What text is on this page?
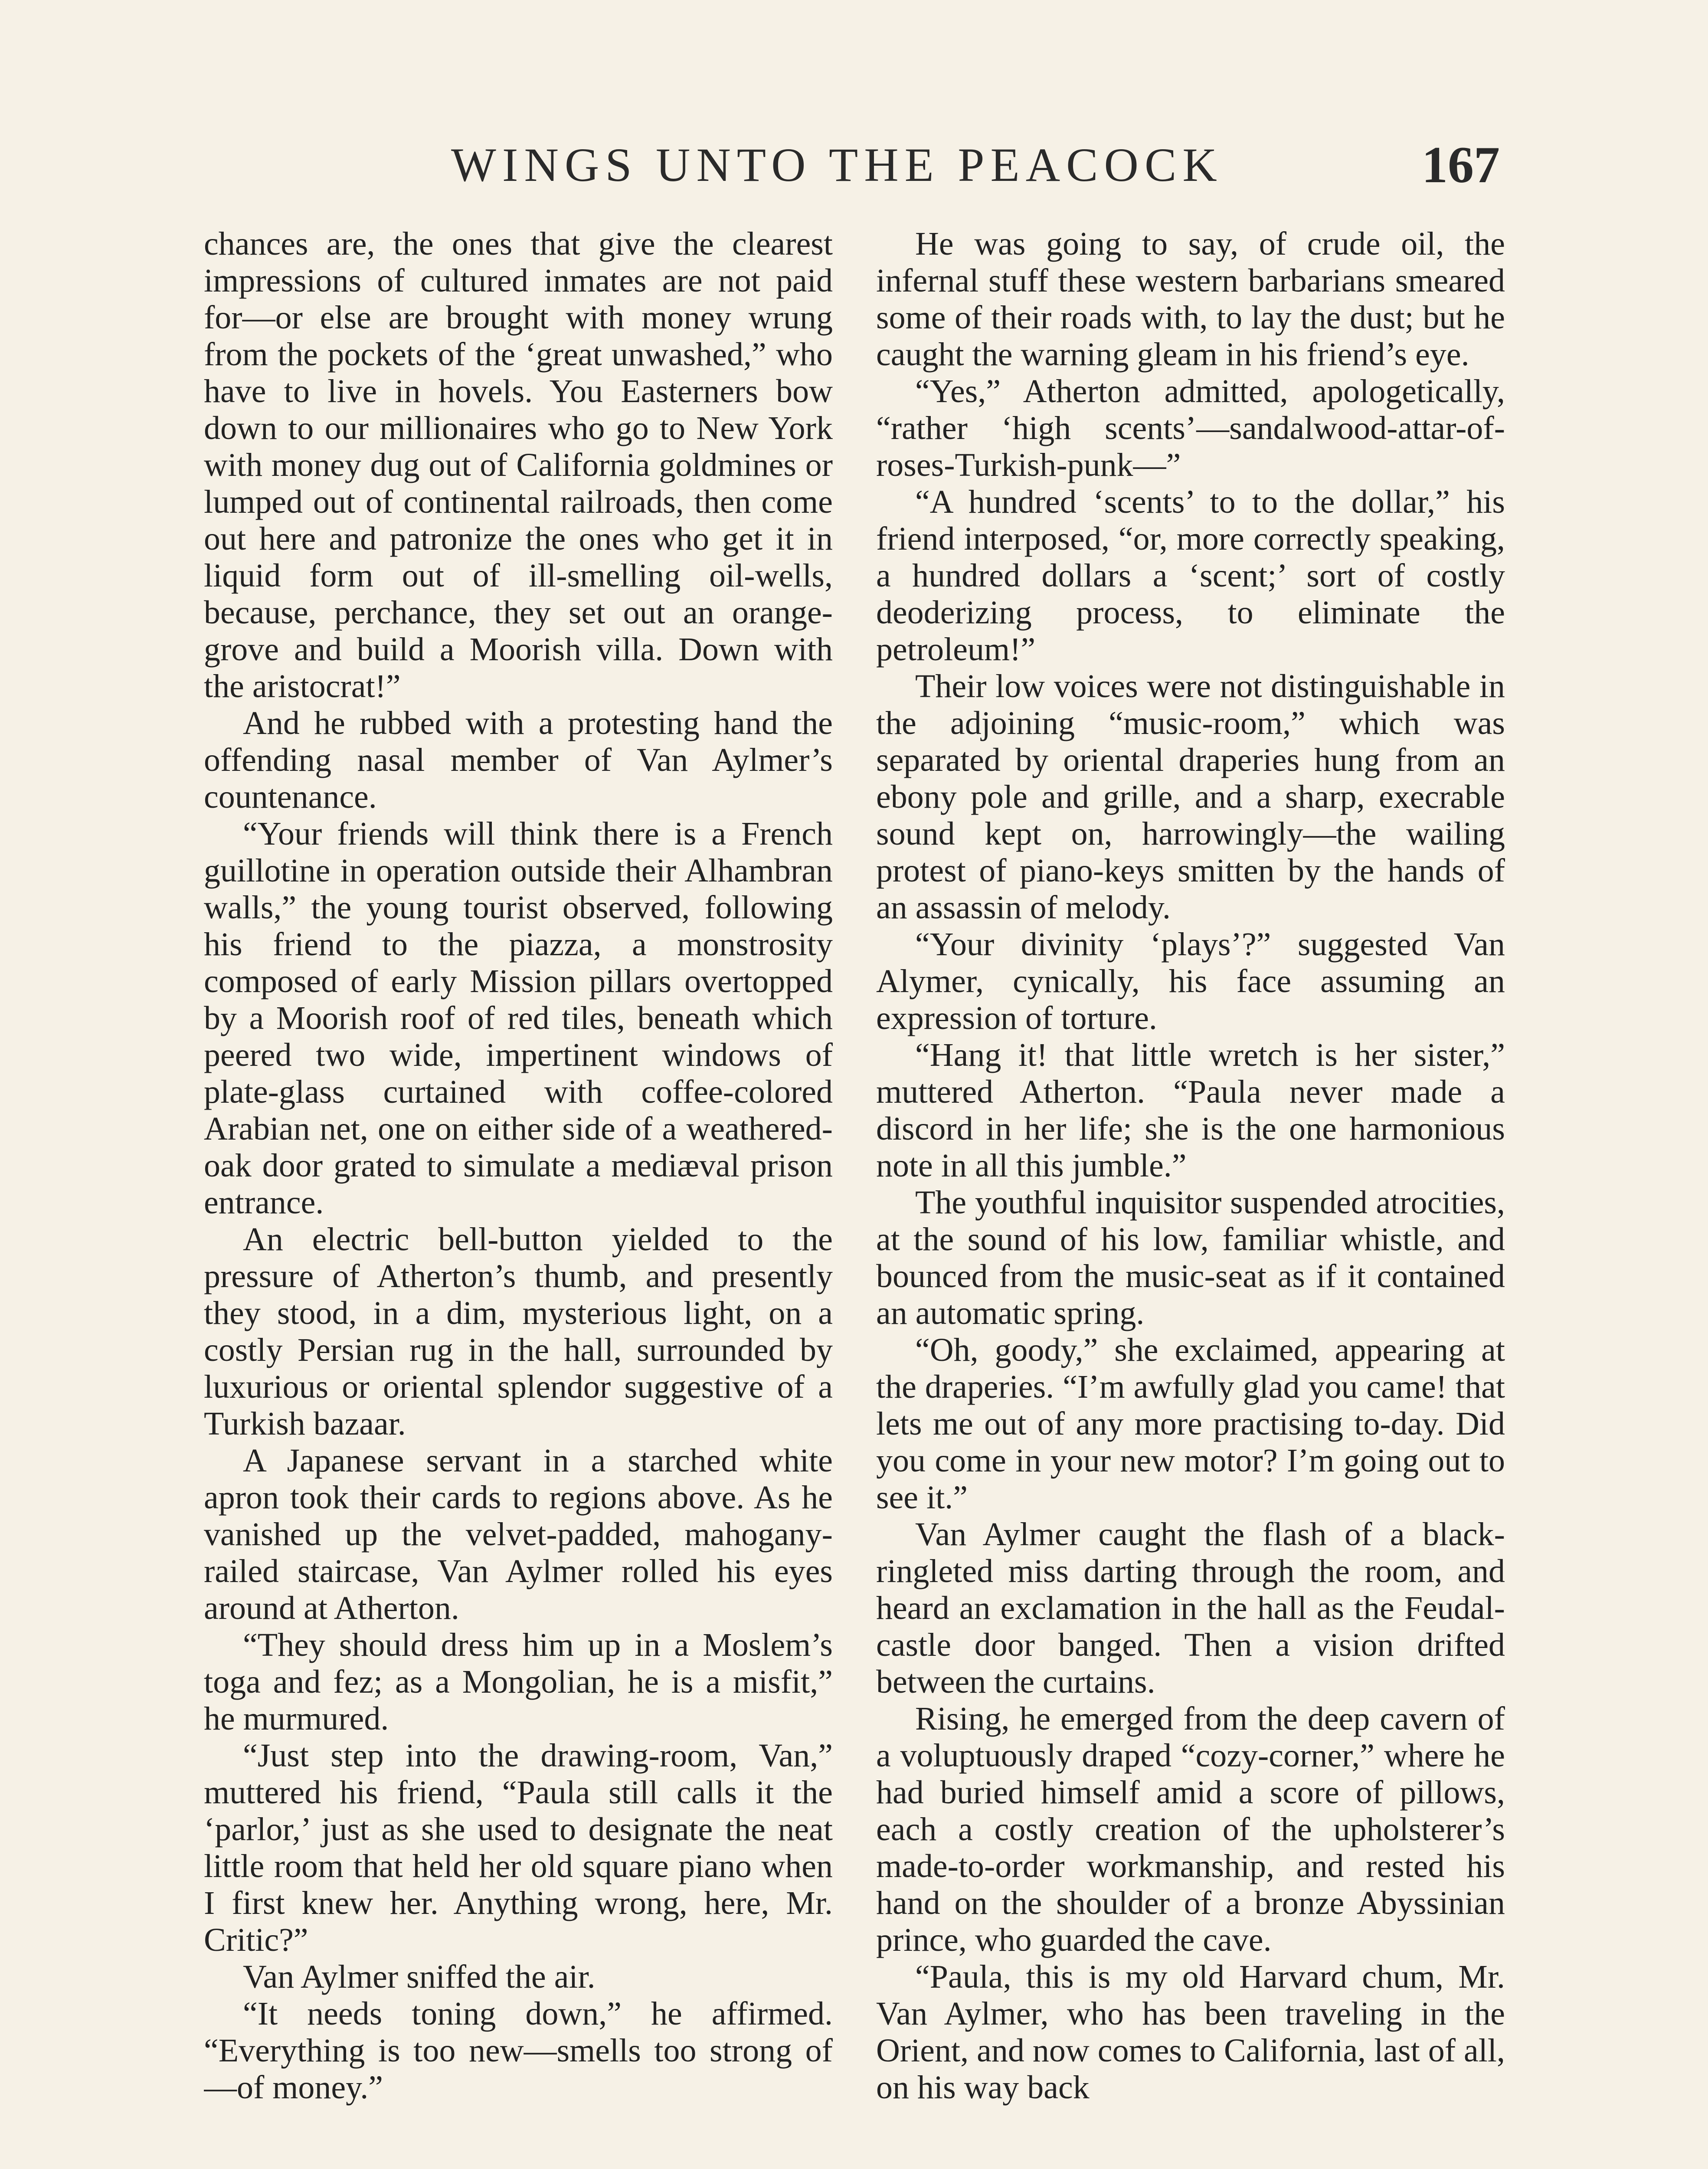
WINGS UNTO THE PEACOCK	167

chances are, the ones that give the clearest impressions of cultured inmates are not paid for—or else are brought with money wrung from the pockets of the ‘great unwashed,” who have to live in hovels. You Easterners bow down to our millionaires who go to New York with money dug out of California goldmines or lumped out of continental railroads, then come out here and patronize the ones who get it in liquid form out of ill-smelling oil-wells, because, perchance, they set out an orange-grove and build a Moorish villa. Down with the aristocrat!”

And he rubbed with a protesting hand the offending nasal member of Van Aylmer’s countenance.

“Your friends will think there is a French guillotine in operation outside their Alhambran walls,” the young tourist observed, following his friend to the piazza, a monstrosity composed of early Mission pillars overtopped by a Moorish roof of red tiles, beneath which peered two wide, impertinent windows of plate-glass curtained with coffee-colored Arabian net, one on either side of a weathered-oak door grated to simulate a mediæval prison entrance.

An electric bell-button yielded to the pressure of Atherton’s thumb, and presently they stood, in a dim, mysterious light, on a costly Persian rug in the hall, surrounded by luxurious or oriental splendor suggestive of a Turkish bazaar.

A Japanese servant in a starched white apron took their cards to regions above. As he vanished up the velvet-padded, mahogany-railed staircase, Van Aylmer rolled his eyes around at Atherton.

“They should dress him up in a Moslem’s toga and fez; as a Mongolian, he is a misfit,” he murmured.

“Just step into the drawing-room, Van,” muttered his friend, “Paula still calls it the ‘parlor,’ just as she used to designate the neat little room that held her old square piano when I first knew her. Anything wrong, here, Mr. Critic?”

Van Aylmer sniffed the air.

“It needs toning down,” he affirmed. “Everything is too new—smells too strong of—of money.”

He was going to say, of crude oil, the infernal stuff these western barbarians smeared some of their roads with, to lay the dust; but he caught the warning gleam in his friend’s eye.

“Yes,” Atherton admitted, apologetically, “rather ‘high scents’—sandalwood-attar-of-roses-Turkish-punk—”

“A hundred ‘scents’ to to the dollar,” his friend interposed, “or, more correctly speaking, a hundred dollars a ‘scent;’ sort of costly deoderizing process, to eliminate the petroleum!”

Their low voices were not distinguishable in the adjoining “music-room,” which was separated by oriental draperies hung from an ebony pole and grille, and a sharp, execrable sound kept on, harrowingly—the wailing protest of piano-keys smitten by the hands of an assassin of melody.

“Your divinity ‘plays’?” suggested Van Alymer, cynically, his face assuming an expression of torture.

“Hang it! that little wretch is her sister,” muttered Atherton. “Paula never made a discord in her life; she is the one harmonious note in all this jumble.”

The youthful inquisitor suspended atrocities, at the sound of his low, familiar whistle, and bounced from the music-seat as if it contained an automatic spring.

“Oh, goody,” she exclaimed, appearing at the draperies. “I’m awfully glad you came! that lets me out of any more practising to-day. Did you come in your new motor? I’m going out to see it.”

Van Aylmer caught the flash of a black-ringleted miss darting through the room, and heard an exclamation in the hall as the Feudal-castle door banged. Then a vision drifted between the curtains.

Rising, he emerged from the deep cavern of a voluptuously draped “cozy-corner,” where he had buried himself amid a score of pillows, each a costly creation of the upholsterer’s made-to-order workmanship, and rested his hand on the shoulder of a bronze Abyssinian prince, who guarded the cave.

“Paula, this is my old Harvard chum, Mr. Van Aylmer, who has been traveling in the Orient, and now comes to California, last of all, on his way back
